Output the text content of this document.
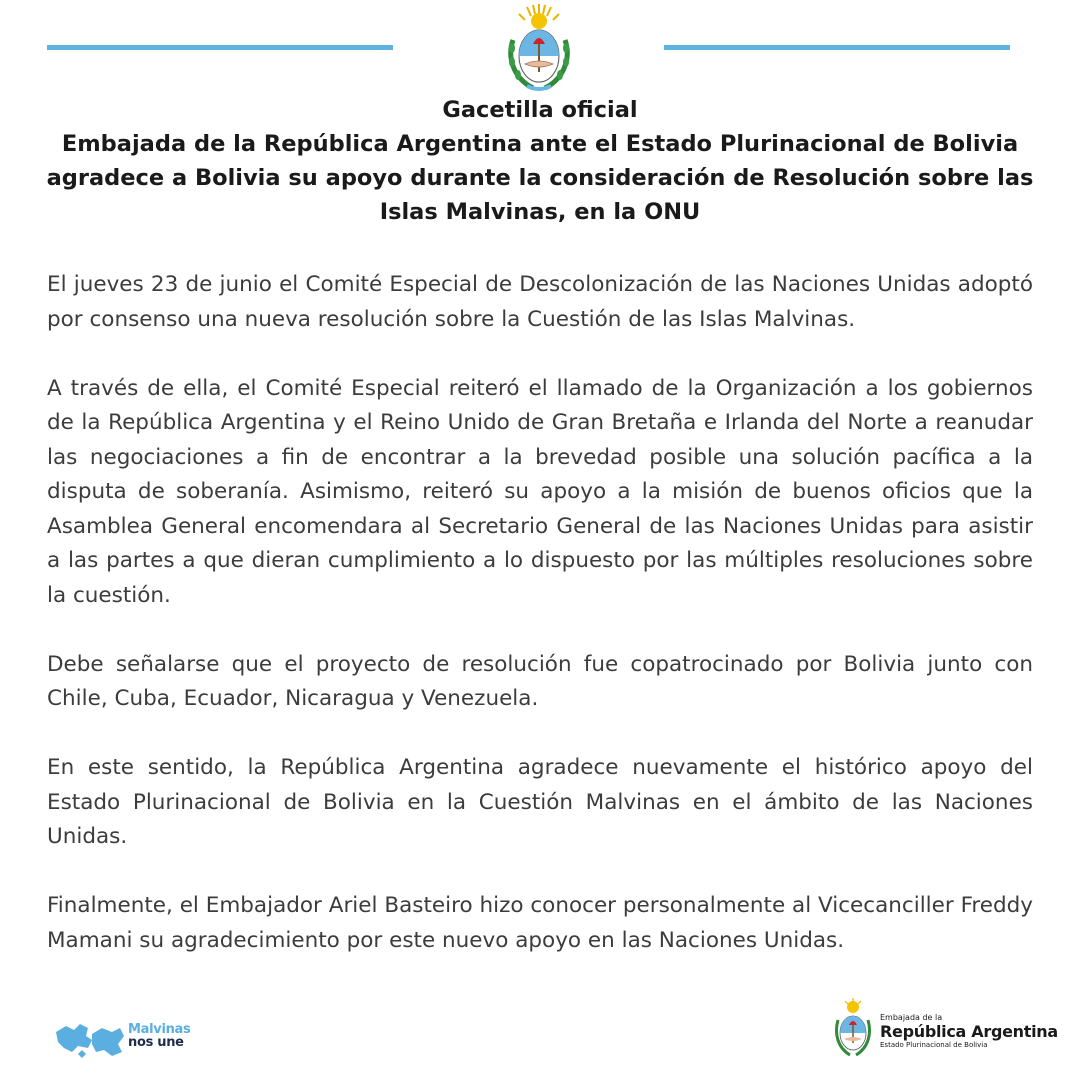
Gacetilla oficial
Embajada de la República Argentina ante el Estado Plurinacional de Bolivia
agradece a Bolivia su apoyo durante la consideración de Resolución sobre las
Islas Malvinas, en la ONU

El jueves 23 de junio el Comité Especial de Descolonización de las Naciones Unidas adoptó por consenso una nueva resolución sobre la Cuestión de las Islas Malvinas.

A través de ella, el Comité Especial reiteró el llamado de la Organización a los gobiernos de la República Argentina y el Reino Unido de Gran Bretaña e Irlanda del Norte a reanudar las negociaciones a fin de encontrar a la brevedad posible una solución pacífica a la disputa de soberanía. Asimismo, reiteró su apoyo a la misión de buenos oficios que la Asamblea General encomendara al Secretario General de las Naciones Unidas para asistir a las partes a que dieran cumplimiento a lo dispuesto por las múltiples resoluciones sobre la cuestión.

Debe señalarse que el proyecto de resolución fue copatrocinado por Bolivia junto con Chile, Cuba, Ecuador, Nicaragua y Venezuela.

En este sentido, la República Argentina agradece nuevamente el histórico apoyo del Estado Plurinacional de Bolivia en la Cuestión Malvinas en el ámbito de las Naciones Unidas.

Finalmente, el Embajador Ariel Basteiro hizo conocer personalmente al Vicecanciller Freddy Mamani su agradecimiento por este nuevo apoyo en las Naciones Unidas.

Malvinas
nos une
Embajada de la
República Argentina
Estado Plurinacional de Bolivia
